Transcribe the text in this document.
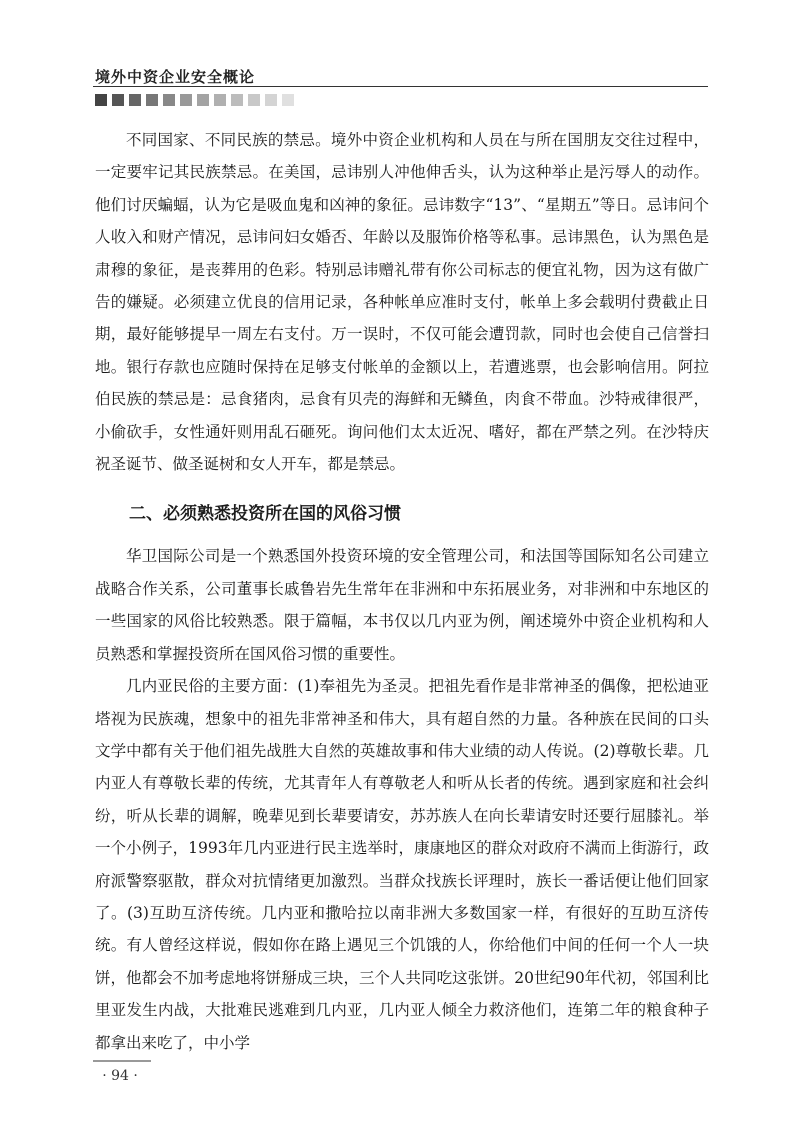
境外中资企业安全概论

不同国家、不同民族的禁忌。境外中资企业机构和人员在与所在国朋友交往过程中，一定要牢记其民族禁忌。在美国，忌讳别人冲他伸舌头，认为这种举止是污辱人的动作。他们讨厌蝙蝠，认为它是吸血鬼和凶神的象征。忌讳数字“13”、“星期五”等日。忌讳问个人收入和财产情况，忌讳问妇女婚否、年龄以及服饰价格等私事。忌讳黑色，认为黑色是肃穆的象征，是丧葬用的色彩。特别忌讳赠礼带有你公司标志的便宜礼物，因为这有做广告的嫌疑。必须建立优良的信用记录，各种帐单应准时支付，帐单上多会载明付费截止日期，最好能够提早一周左右支付。万一误时，不仅可能会遭罚款，同时也会使自己信誉扫地。银行存款也应随时保持在足够支付帐单的金额以上，若遭逃票，也会影响信用。阿拉伯民族的禁忌是：忌食猪肉，忌食有贝壳的海鲜和无鳞鱼，肉食不带血。沙特戒律很严，小偷砍手，女性通奸则用乱石砸死。询问他们太太近况、嗜好，都在严禁之列。在沙特庆祝圣诞节、做圣诞树和女人开车，都是禁忌。

二、必须熟悉投资所在国的风俗习惯

华卫国际公司是一个熟悉国外投资环境的安全管理公司，和法国等国际知名公司建立战略合作关系，公司董事长戚鲁岩先生常年在非洲和中东拓展业务，对非洲和中东地区的一些国家的风俗比较熟悉。限于篇幅，本书仅以几内亚为例，阐述境外中资企业机构和人员熟悉和掌握投资所在国风俗习惯的重要性。

几内亚民俗的主要方面：(1)奉祖先为圣灵。把祖先看作是非常神圣的偶像，把松迪亚塔视为民族魂，想象中的祖先非常神圣和伟大，具有超自然的力量。各种族在民间的口头文学中都有关于他们祖先战胜大自然的英雄故事和伟大业绩的动人传说。(2)尊敬长辈。几内亚人有尊敬长辈的传统，尤其青年人有尊敬老人和听从长者的传统。遇到家庭和社会纠纷，听从长辈的调解，晚辈见到长辈要请安，苏苏族人在向长辈请安时还要行屈膝礼。举一个小例子，1993年几内亚进行民主选举时，康康地区的群众对政府不满而上街游行，政府派警察驱散，群众对抗情绪更加激烈。当群众找族长评理时，族长一番话便让他们回家了。(3)互助互济传统。几内亚和撒哈拉以南非洲大多数国家一样，有很好的互助互济传统。有人曾经这样说，假如你在路上遇见三个饥饿的人，你给他们中间的任何一个人一块饼，他都会不加考虑地将饼掰成三块，三个人共同吃这张饼。20世纪90年代初，邻国利比里亚发生内战，大批难民逃难到几内亚，几内亚人倾全力救济他们，连第二年的粮食种子都拿出来吃了，中小学

· 94 ·
